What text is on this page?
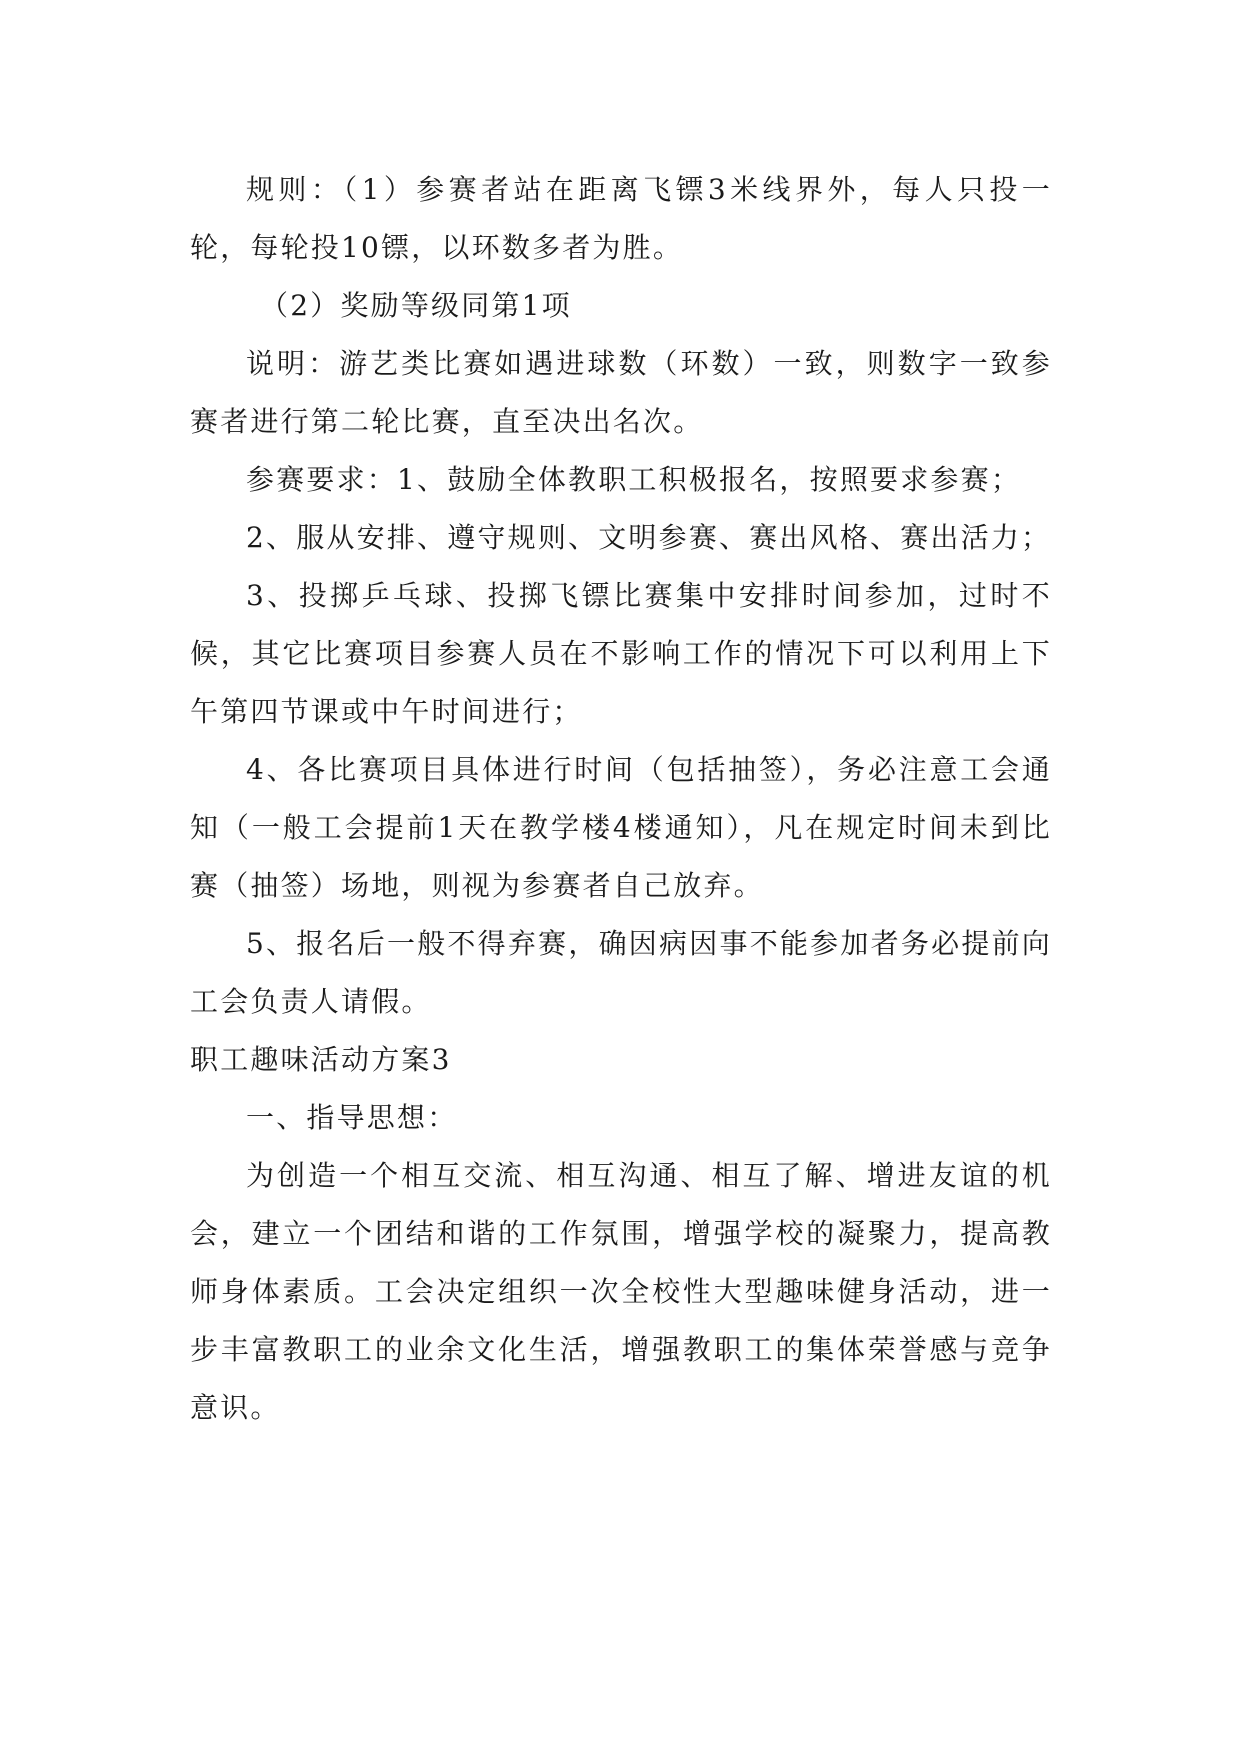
规则：（1）参赛者站在距离飞镖3米线界外，每人只投一轮，每轮投10镖，以环数多者为胜。

（2）奖励等级同第1项

说明：游艺类比赛如遇进球数（环数）一致，则数字一致参赛者进行第二轮比赛，直至决出名次。

参赛要求：1、鼓励全体教职工积极报名，按照要求参赛；

2、服从安排、遵守规则、文明参赛、赛出风格、赛出活力；

3、投掷乒乓球、投掷飞镖比赛集中安排时间参加，过时不候，其它比赛项目参赛人员在不影响工作的情况下可以利用上下午第四节课或中午时间进行；

4、各比赛项目具体进行时间（包括抽签），务必注意工会通知（一般工会提前1天在教学楼4楼通知），凡在规定时间未到比赛（抽签）场地，则视为参赛者自己放弃。

5、报名后一般不得弃赛，确因病因事不能参加者务必提前向工会负责人请假。

职工趣味活动方案3

一、指导思想：

为创造一个相互交流、相互沟通、相互了解、增进友谊的机会，建立一个团结和谐的工作氛围，增强学校的凝聚力，提高教师身体素质。工会决定组织一次全校性大型趣味健身活动，进一步丰富教职工的业余文化生活，增强教职工的集体荣誉感与竞争意识。
